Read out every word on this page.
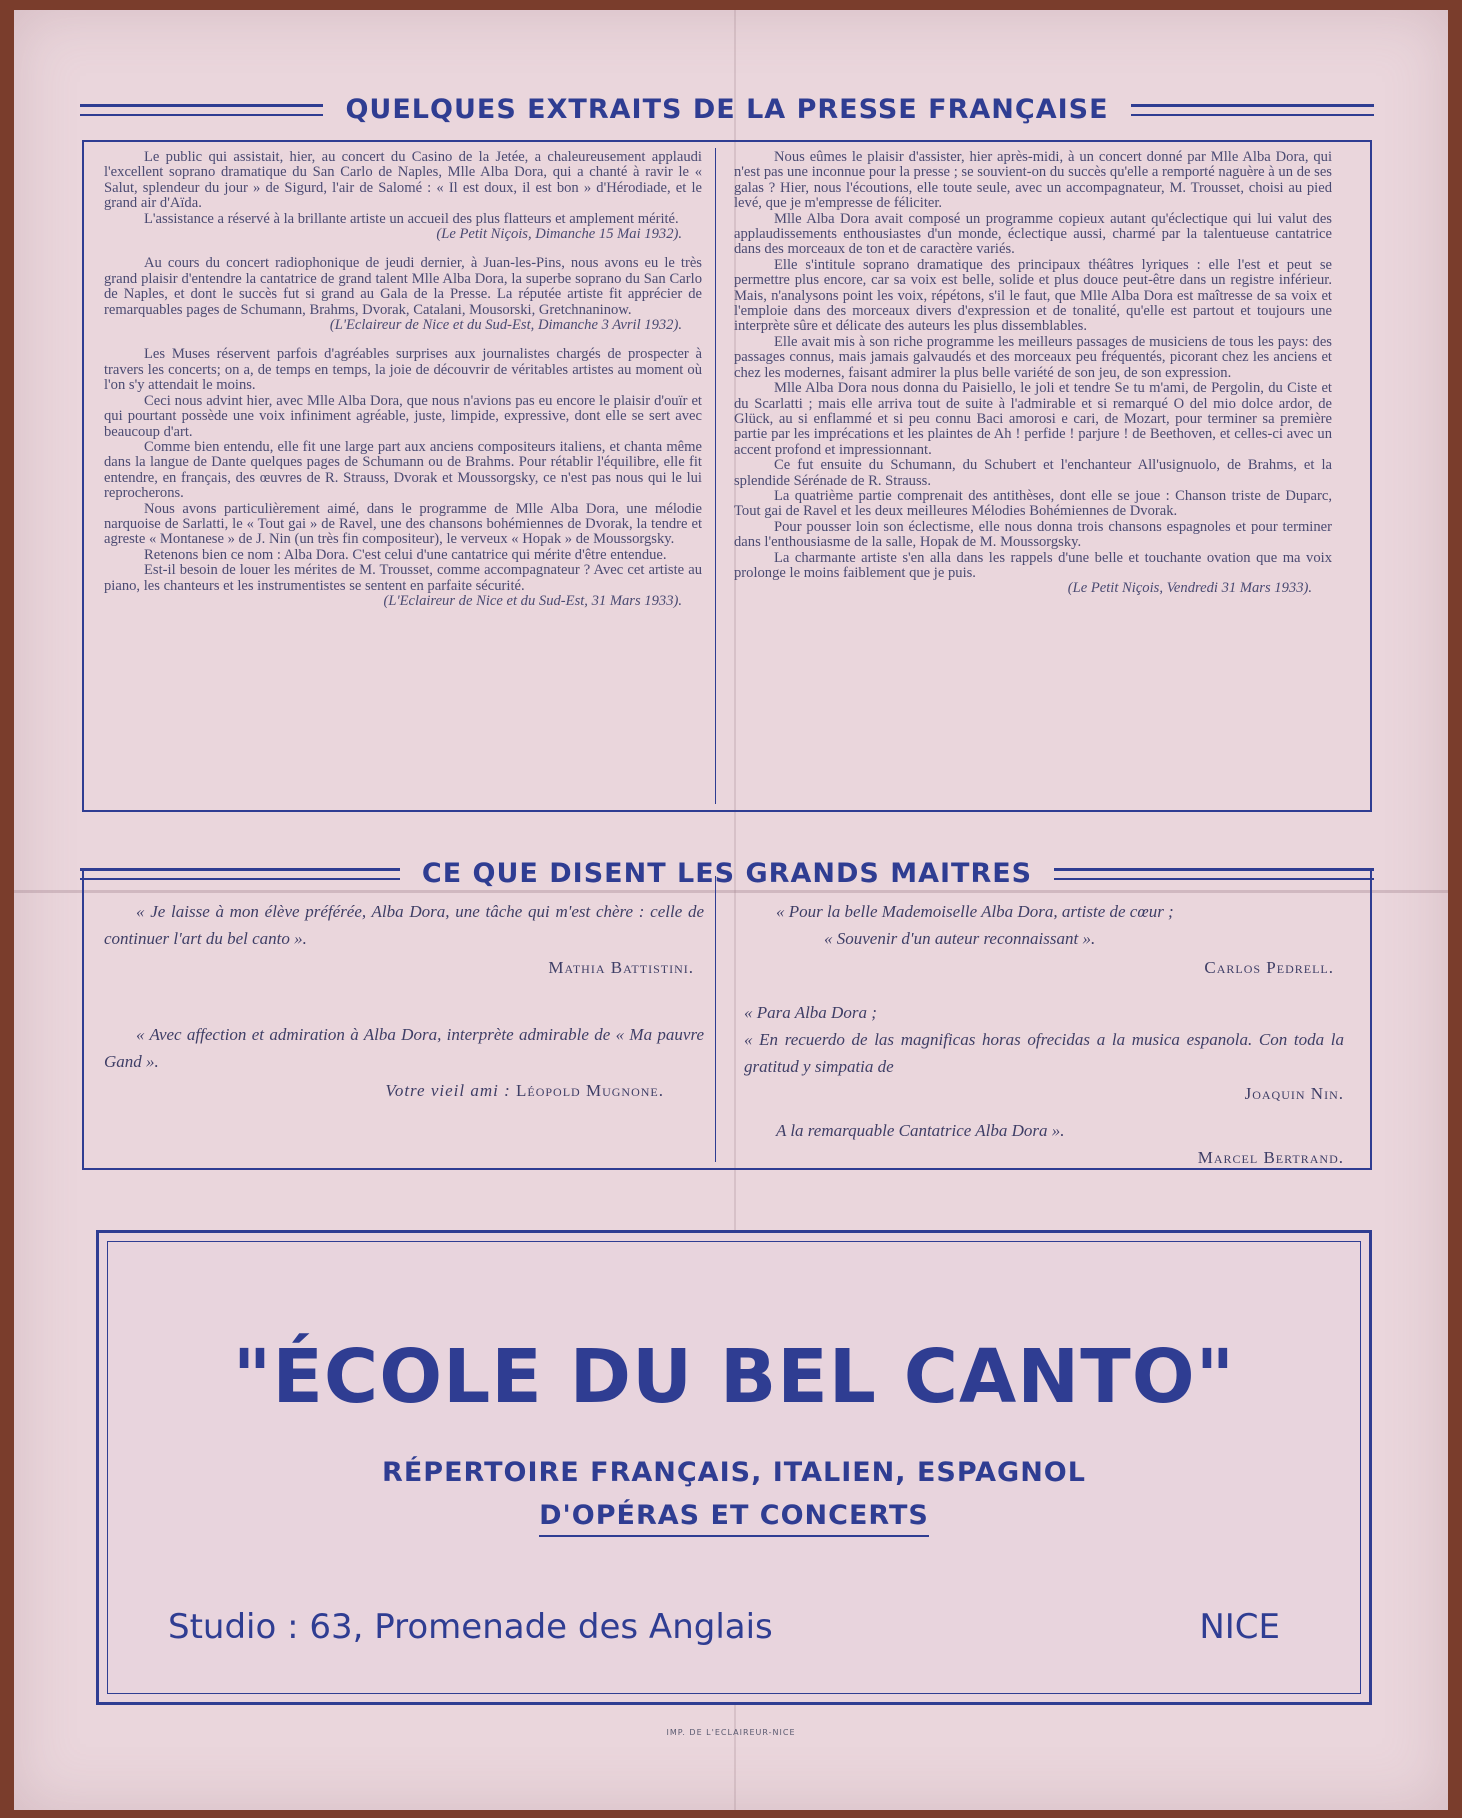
QUELQUES EXTRAITS DE LA PRESSE FRANÇAISE

Le public qui assistait, hier, au concert du Casino de la Jetée, a chaleureusement applaudi l'excellent soprano dramatique du San Carlo de Naples, Mlle Alba Dora, qui a chanté à ravir le « Salut, splendeur du jour » de Sigurd, l'air de Salomé : « Il est doux, il est bon » d'Hérodiade, et le grand air d'Aïda.

L'assistance a réservé à la brillante artiste un accueil des plus flatteurs et amplement mérité.

(Le Petit Niçois, Dimanche 15 Mai 1932).

Au cours du concert radiophonique de jeudi dernier, à Juan-les-Pins, nous avons eu le très grand plaisir d'entendre la cantatrice de grand talent Mlle Alba Dora, la superbe soprano du San Carlo de Naples, et dont le succès fut si grand au Gala de la Presse. La réputée artiste fit apprécier de remarquables pages de Schumann, Brahms, Dvorak, Catalani, Mousorski, Gretchnaninow.

(L'Eclaireur de Nice et du Sud-Est, Dimanche 3 Avril 1932).

Les Muses réservent parfois d'agréables surprises aux journalistes chargés de prospecter à travers les concerts; on a, de temps en temps, la joie de découvrir de véritables artistes au moment où l'on s'y attendait le moins.

Ceci nous advint hier, avec Mlle Alba Dora, que nous n'avions pas eu encore le plaisir d'ouïr et qui pourtant possède une voix infiniment agréable, juste, limpide, expressive, dont elle se sert avec beaucoup d'art.

Comme bien entendu, elle fit une large part aux anciens compositeurs italiens, et chanta même dans la langue de Dante quelques pages de Schumann ou de Brahms. Pour rétablir l'équilibre, elle fit entendre, en français, des œuvres de R. Strauss, Dvorak et Moussorgsky, ce n'est pas nous qui le lui reprocherons.

Nous avons particulièrement aimé, dans le programme de Mlle Alba Dora, une mélodie narquoise de Sarlatti, le « Tout gai » de Ravel, une des chansons bohémiennes de Dvorak, la tendre et agreste « Montanese » de J. Nin (un très fin compositeur), le verveux « Hopak » de Moussorgsky.

Retenons bien ce nom : Alba Dora. C'est celui d'une cantatrice qui mérite d'être entendue.

Est-il besoin de louer les mérites de M. Trousset, comme accompagnateur ? Avec cet artiste au piano, les chanteurs et les instrumentistes se sentent en parfaite sécurité.

(L'Eclaireur de Nice et du Sud-Est, 31 Mars 1933).

Nous eûmes le plaisir d'assister, hier après-midi, à un concert donné par Mlle Alba Dora, qui n'est pas une inconnue pour la presse ; se souvient-on du succès qu'elle a remporté naguère à un de ses galas ? Hier, nous l'écoutions, elle toute seule, avec un accompagnateur, M. Trousset, choisi au pied levé, que je m'empresse de féliciter.

Mlle Alba Dora avait composé un programme copieux autant qu'éclectique qui lui valut des applaudissements enthousiastes d'un monde, éclectique aussi, charmé par la talentueuse cantatrice dans des morceaux de ton et de caractère variés.

Elle s'intitule soprano dramatique des principaux théâtres lyriques : elle l'est et peut se permettre plus encore, car sa voix est belle, solide et plus douce peut-être dans un registre inférieur. Mais, n'analysons point les voix, répétons, s'il le faut, que Mlle Alba Dora est maîtresse de sa voix et l'emploie dans des morceaux divers d'expression et de tonalité, qu'elle est partout et toujours une interprète sûre et délicate des auteurs les plus dissemblables.

Elle avait mis à son riche programme les meilleurs passages de musiciens de tous les pays: des passages connus, mais jamais galvaudés et des morceaux peu fréquentés, picorant chez les anciens et chez les modernes, faisant admirer la plus belle variété de son jeu, de son expression.

Mlle Alba Dora nous donna du Paisiello, le joli et tendre Se tu m'ami, de Pergolin, du Ciste et du Scarlatti ; mais elle arriva tout de suite à l'admirable et si remarqué O del mio dolce ardor, de Glück, au si enflammé et si peu connu Baci amorosi e cari, de Mozart, pour terminer sa première partie par les imprécations et les plaintes de Ah ! perfide ! parjure ! de Beethoven, et celles-ci avec un accent profond et impressionnant.

Ce fut ensuite du Schumann, du Schubert et l'enchanteur All'usignuolo, de Brahms, et la splendide Sérénade de R. Strauss.

La quatrième partie comprenait des antithèses, dont elle se joue : Chanson triste de Duparc, Tout gai de Ravel et les deux meilleures Mélodies Bohémiennes de Dvorak.

Pour pousser loin son éclectisme, elle nous donna trois chansons espagnoles et pour terminer dans l'enthousiasme de la salle, Hopak de M. Moussorgsky.

La charmante artiste s'en alla dans les rappels d'une belle et touchante ovation que ma voix prolonge le moins faiblement que je puis.

(Le Petit Niçois, Vendredi 31 Mars 1933).

CE QUE DISENT LES GRANDS MAITRES

« Je laisse à mon élève préférée, Alba Dora, une tâche qui m'est chère : celle de continuer l'art du bel canto ».

Mathia Battistini.

« Avec affection et admiration à Alba Dora, interprète admirable de « Ma pauvre Gand ».

Votre vieil ami : Léopold Mugnone.

« Pour la belle Mademoiselle Alba Dora, artiste de cœur ;

« Souvenir d'un auteur reconnaissant ».

Carlos Pedrell.

« Para Alba Dora ;

« En recuerdo de las magnificas horas ofrecidas a la musica espanola. Con toda la gratitud y simpatia de

Joaquin Nin.

A la remarquable Cantatrice Alba Dora ».

Marcel Bertrand.

"ÉCOLE DU BEL CANTO"
RÉPERTOIRE FRANÇAIS, ITALIEN, ESPAGNOL
D'OPÉRAS ET CONCERTS
Studio : 63, Promenade des Anglais	NICE
IMP. DE L'ECLAIREUR-NICE
